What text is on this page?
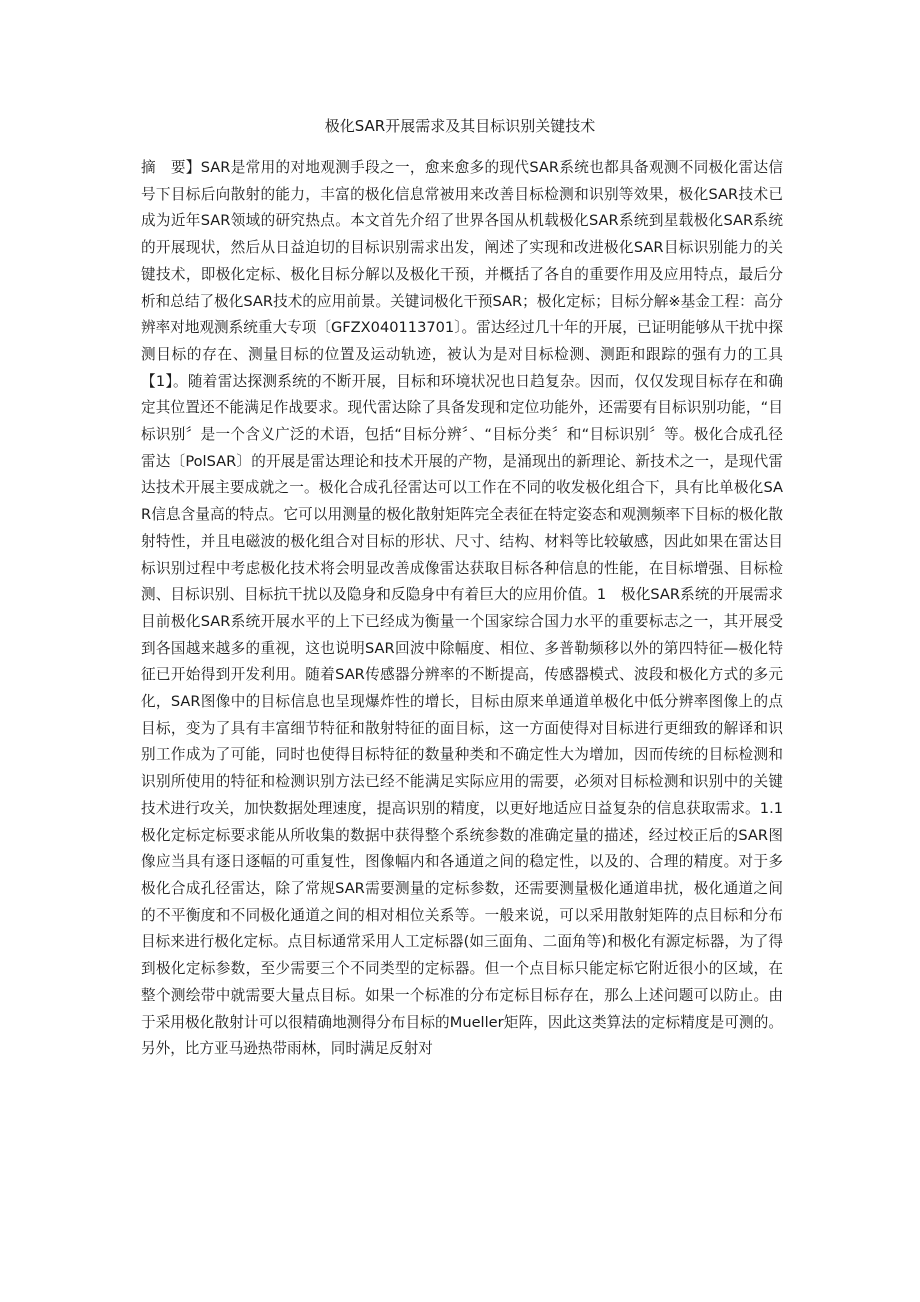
极化SAR开展需求及其目标识别关键技术
摘　要】SAR是常用的对地观测手段之一，愈来愈多的现代SAR系统也都具备观测不同极化雷达信号下目标后向散射的能力，丰富的极化信息常被用来改善目标检测和识别等效果，极化SAR技术已成为近年SAR领域的研究热点。本文首先介绍了世界各国从机载极化SAR系统到星载极化SAR系统的开展现状，然后从日益迫切的目标识别需求出发，阐述了实现和改进极化SAR目标识别能力的关键技术，即极化定标、极化目标分解以及极化干预，并概括了各自的重要作用及应用特点，最后分析和总结了极化SAR技术的应用前景。关键词极化干预SAR；极化定标；目标分解※基金工程：高分辨率对地观测系统重大专项〔GFZX040113701〕。雷达经过几十年的开展，已证明能够从干扰中探测目标的存在、测量目标的位置及运动轨迹，被认为是对目标检测、测距和跟踪的强有力的工具【1】。随着雷达探测系统的不断开展，目标和环境状况也日趋复杂。因而，仅仅发现目标存在和确定其位置还不能满足作战要求。现代雷达除了具备发现和定位功能外，还需要有目标识别功能，“目标识别〞是一个含义广泛的术语，包括“目标分辨〞、“目标分类〞和“目标识别〞等。极化合成孔径雷达〔PolSAR〕的开展是雷达理论和技术开展的产物，是涌现出的新理论、新技术之一，是现代雷达技术开展主要成就之一。极化合成孔径雷达可以工作在不同的收发极化组合下，具有比单极化SAR信息含量高的特点。它可以用测量的极化散射矩阵完全表征在特定姿态和观测频率下目标的极化散射特性，并且电磁波的极化组合对目标的形状、尺寸、结构、材料等比较敏感，因此如果在雷达目标识别过程中考虑极化技术将会明显改善成像雷达获取目标各种信息的性能，在目标增强、目标检测、目标识别、目标抗干扰以及隐身和反隐身中有着巨大的应用价值。1　极化SAR系统的开展需求目前极化SAR系统开展水平的上下已经成为衡量一个国家综合国力水平的重要标志之一，其开展受到各国越来越多的重视，这也说明SAR回波中除幅度、相位、多普勒频移以外的第四特征—极化特征已开始得到开发利用。随着SAR传感器分辨率的不断提高，传感器模式、波段和极化方式的多元化，SAR图像中的目标信息也呈现爆炸性的增长，目标由原来单通道单极化中低分辨率图像上的点目标，变为了具有丰富细节特征和散射特征的面目标，这一方面使得对目标进行更细致的解译和识别工作成为了可能，同时也使得目标特征的数量种类和不确定性大为增加，因而传统的目标检测和识别所使用的特征和检测识别方法已经不能满足实际应用的需要，必须对目标检测和识别中的关键技术进行攻关，加快数据处理速度，提高识别的精度，以更好地适应日益复杂的信息获取需求。1.1　极化定标定标要求能从所收集的数据中获得整个系统参数的准确定量的描述，经过校正后的SAR图像应当具有逐日逐幅的可重复性，图像幅内和各通道之间的稳定性，以及的、合理的精度。对于多极化合成孔径雷达，除了常规SAR需要测量的定标参数，还需要测量极化通道串扰，极化通道之间的不平衡度和不同极化通道之间的相对相位关系等。一般来说，可以采用散射矩阵的点目标和分布目标来进行极化定标。点目标通常采用人工定标器(如三面角、二面角等)和极化有源定标器，为了得到极化定标参数，至少需要三个不同类型的定标器。但一个点目标只能定标它附近很小的区域，在整个测绘带中就需要大量点目标。如果一个标准的分布定标目标存在，那么上述问题可以防止。由于采用极化散射计可以很精确地测得分布目标的Mueller矩阵，因此这类算法的定标精度是可测的。另外，比方亚马逊热带雨林，同时满足反射对
